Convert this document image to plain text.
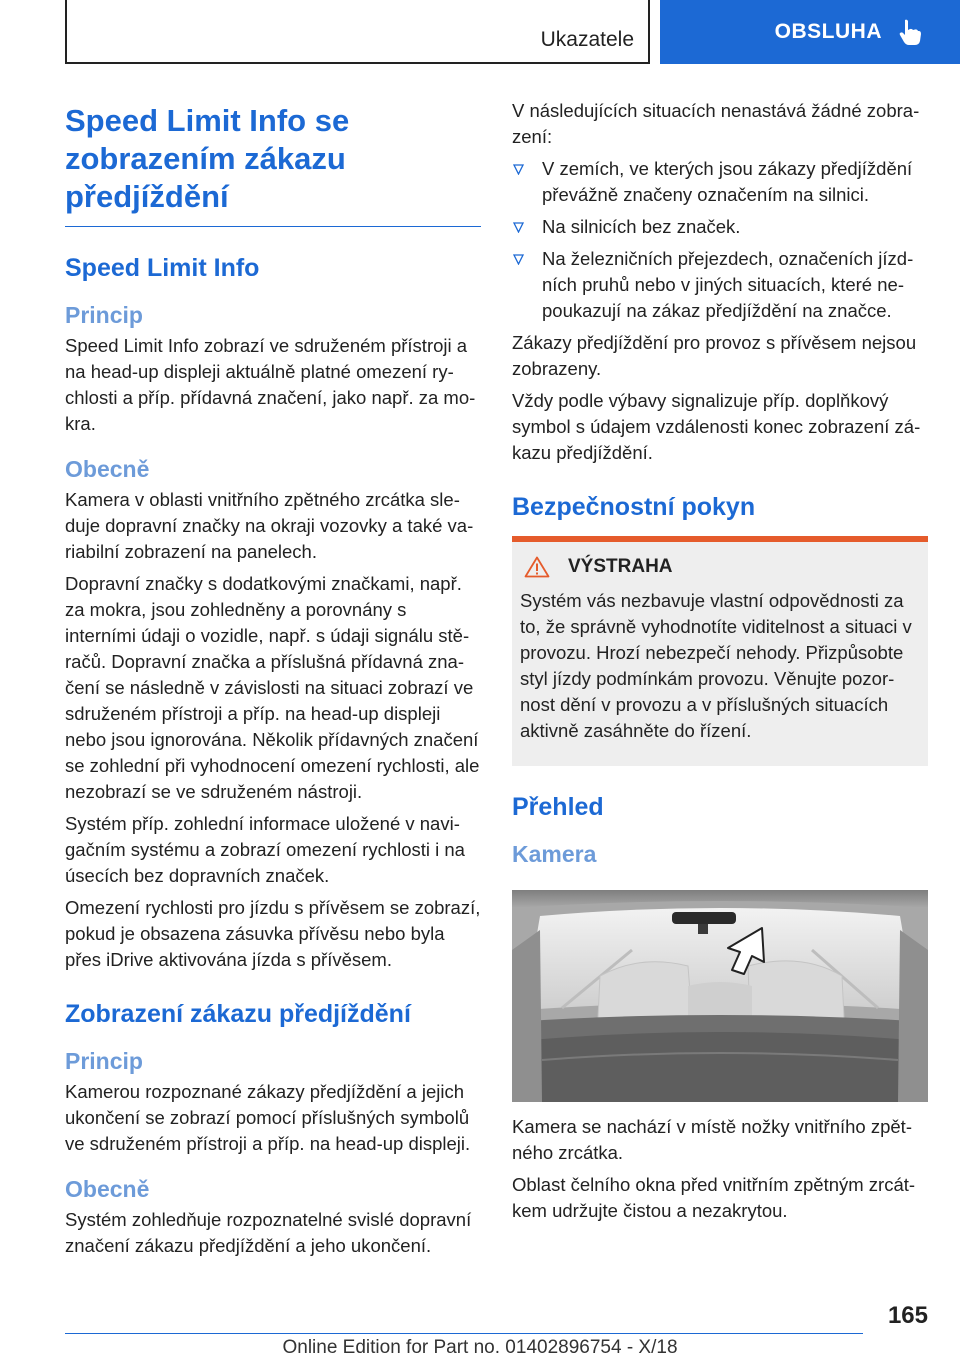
Ukazatele	OBSLUHA
Speed Limit Info se zobrazením zákazu předjíždění
Speed Limit Info
Princip

Speed Limit Info zobrazí ve sdruženém přístroji a na head-up displeji aktuálně platné omezení rychlosti a příp. přídavná značení, jako např. za mokra.

Obecně

Kamera v oblasti vnitřního zpětného zrcátka sleduje dopravní značky na okraji vozovky a také variabilní zobrazení na panelech.

Dopravní značky s dodatkovými značkami, např. za mokra, jsou zohledněny a porovnány s interními údaji o vozidle, např. s údaji signálu stěračů. Dopravní značka a příslušná přídavná značení se následně v závislosti na situaci zobrazí ve sdruženém přístroji a příp. na head-up displeji nebo jsou ignorována. Několik přídavných značení se zohlední při vyhodnocení omezení rychlosti, ale nezobrazí se ve sdruženém nástroji.

Systém příp. zohlední informace uložené v navigačním systému a zobrazí omezení rychlosti i na úsecích bez dopravních značek.

Omezení rychlosti pro jízdu s přívěsem se zobrazí, pokud je obsazena zásuvka přívěsu nebo byla přes iDrive aktivována jízda s přívěsem.

Zobrazení zákazu předjíždění
Princip

Kamerou rozpoznané zákazy předjíždění a jejich ukončení se zobrazí pomocí příslušných symbolů ve sdruženém přístroji a příp. na head-up displeji.

Obecně

Systém zohledňuje rozpoznatelné svislé dopravní značení zákazu předjíždění a jeho ukončení.

V následujících situacích nenastává žádné zobrazení:

V zemích, ve kterých jsou zákazy předjíždění převážně značeny označením na silnici.
Na silnicích bez značek.
Na železničních přejezdech, označeních jízdních pruhů nebo v jiných situacích, které nepoukazují na zákaz předjíždění na značce.

Zákazy předjíždění pro provoz s přívěsem nejsou zobrazeny.

Vždy podle výbavy signalizuje příp. doplňkový symbol s údajem vzdálenosti konec zobrazení zákazu předjíždění.

Bezpečnostní pokyn
VÝSTRAHA

Systém vás nezbavuje vlastní odpovědnosti za to, že správně vyhodnotíte viditelnost a situaci v provozu. Hrozí nebezpečí nehody. Přizpůsobte styl jízdy podmínkám provozu. Věnujte pozornost dění v provozu a v příslušných situacích aktivně zasáhněte do řízení.

Přehled
Kamera

Kamera se nachází v místě nožky vnitřního zpětného zrcátka.

Oblast čelního okna před vnitřním zpětným zrcátkem udržujte čistou a nezakrytou.

165
Online Edition for Part no. 01402896754 - X/18
